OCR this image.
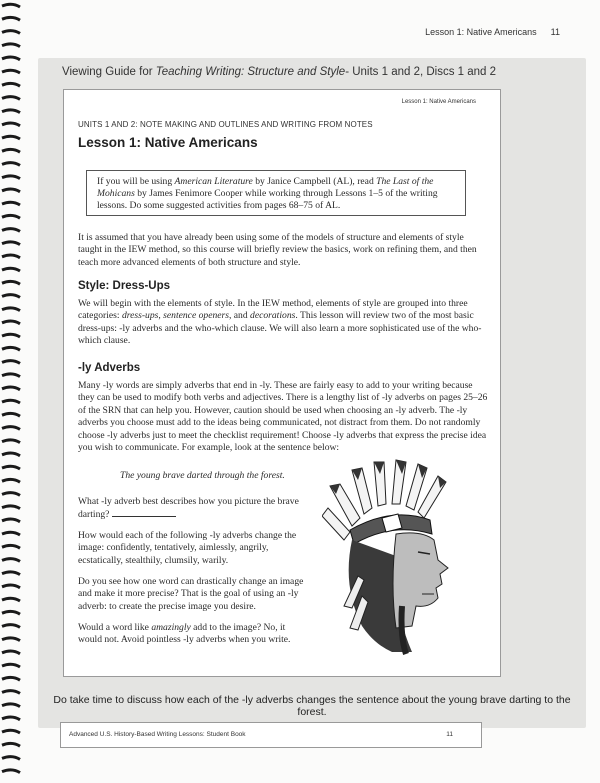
Lesson 1: Native Americans 11
Viewing Guide for Teaching Writing: Structure and Style- Units 1 and 2, Discs 1 and 2
Lesson 1: Native Americans
UNITS 1 AND 2: NOTE MAKING AND OUTLINES AND WRITING FROM NOTES
Lesson 1: Native Americans
If you will be using American Literature by Janice Campbell (AL), read The Last of the Mohicans by James Fenimore Cooper while working through Lessons 1–5 of the writing lessons. Do some suggested activities from pages 68–75 of AL.
It is assumed that you have already been using some of the models of structure and elements of style taught in the IEW method, so this course will briefly review the basics, work on refining them, and then teach more advanced elements of both structure and style.
Style: Dress-Ups
We will begin with the elements of style. In the IEW method, elements of style are grouped into three categories: dress-ups, sentence openers, and decorations. This lesson will review two of the most basic dress-ups: -ly adverbs and the who-which clause. We will also learn a more sophisticated use of the who-which clause.
-ly Adverbs
Many -ly words are simply adverbs that end in -ly. These are fairly easy to add to your writing because they can be used to modify both verbs and adjectives. There is a lengthy list of -ly adverbs on pages 25–26 of the SRN that can help you. However, caution should be used when choosing an -ly adverb. The -ly adverbs you choose must add to the ideas being communicated, not distract from them. Do not randomly choose -ly adverbs just to meet the checklist requirement! Choose -ly adverbs that express the precise idea you wish to communicate. For example, look at the sentence below:
The young brave darted through the forest.
What -ly adverb best describes how you picture the brave darting?
How would each of the following -ly adverbs change the image: confidently, tentatively, aimlessly, angrily, ecstatically, stealthily, clumsily, warily.
Do you see how one word can drastically change an image and make it more precise? That is the goal of using an -ly adverb: to create the precise image you desire.
Would a word like amazingly add to the image? No, it would not. Avoid pointless -ly adverbs when you write.
Do take time to discuss how each of the -ly adverbs changes the sentence about the young brave darting to the forest.
Advanced U.S. History-Based Writing Lessons: Student Book	11
